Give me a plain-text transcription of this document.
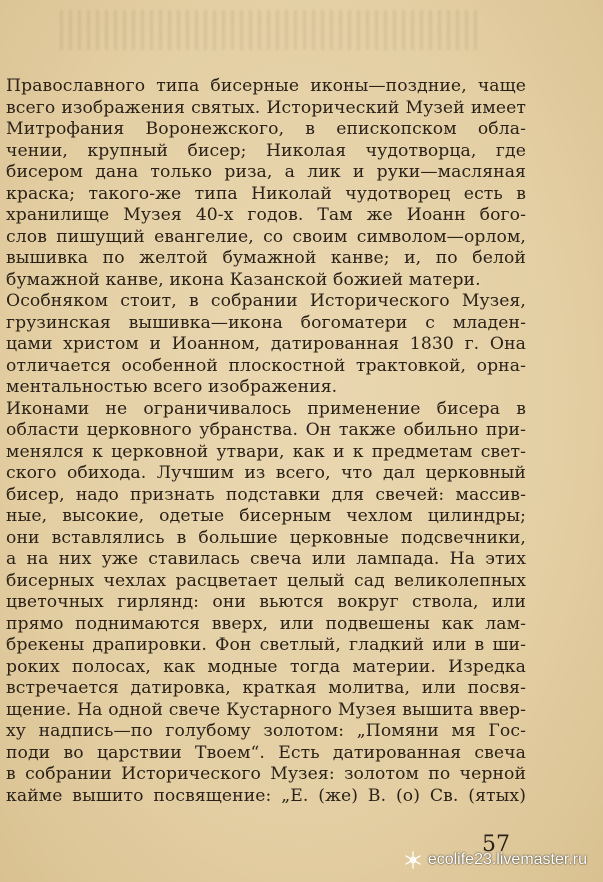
Православного типа бисерные иконы—поздние, чаще
всего изображения святых. Исторический Музей имеет
Митрофания Воронежского, в епископском обла-
чении, крупный бисер; Николая чудотворца, где
бисером дана только риза, а лик и руки—масляная
краска; такого-же типа Николай чудотворец есть в
хранилище Музея 40-х годов. Там же Иоанн бого-
слов пишущий евангелие, со своим символом—орлом,
вышивка по желтой бумажной канве; и, по белой
бумажной канве, икона Казанской божией матери.
Особняком стоит, в собрании Исторического Музея,
грузинская вышивка—икона богоматери с младен-
цами христом и Иоанном, датированная 1830 г. Она
отличается особенной плоскостной трактовкой, орна-
ментальностью всего изображения.
Иконами не ограничивалось применение бисера в
области церковного убранства. Он также обильно при-
менялся к церковной утвари, как и к предметам свет-
ского обихода. Лучшим из всего, что дал церковный
бисер, надо признать подставки для свечей: массив-
ные, высокие, одетые бисерным чехлом цилиндры;
они вставлялись в большие церковные подсвечники,
а на них уже ставилась свеча или лампада. На этих
бисерных чехлах расцветает целый сад великолепных
цветочных гирлянд: они вьются вокруг ствола, или
прямо поднимаются вверх, или подвешены как лам-
брекены драпировки. Фон светлый, гладкий или в ши-
роких полосах, как модные тогда материи. Изредка
встречается датировка, краткая молитва, или посвя-
щение. На одной свече Кустарного Музея вышита ввер-
ху надпись—по голубому золотом: „Помяни мя Гос-
поди во царствии Твоем“. Есть датированная свеча
в собрании Исторического Музея: золотом по черной
кайме вышито посвящение: „Е. (же) В. (о) Св. (ятых)
57
ecolife23.livemaster.ru
